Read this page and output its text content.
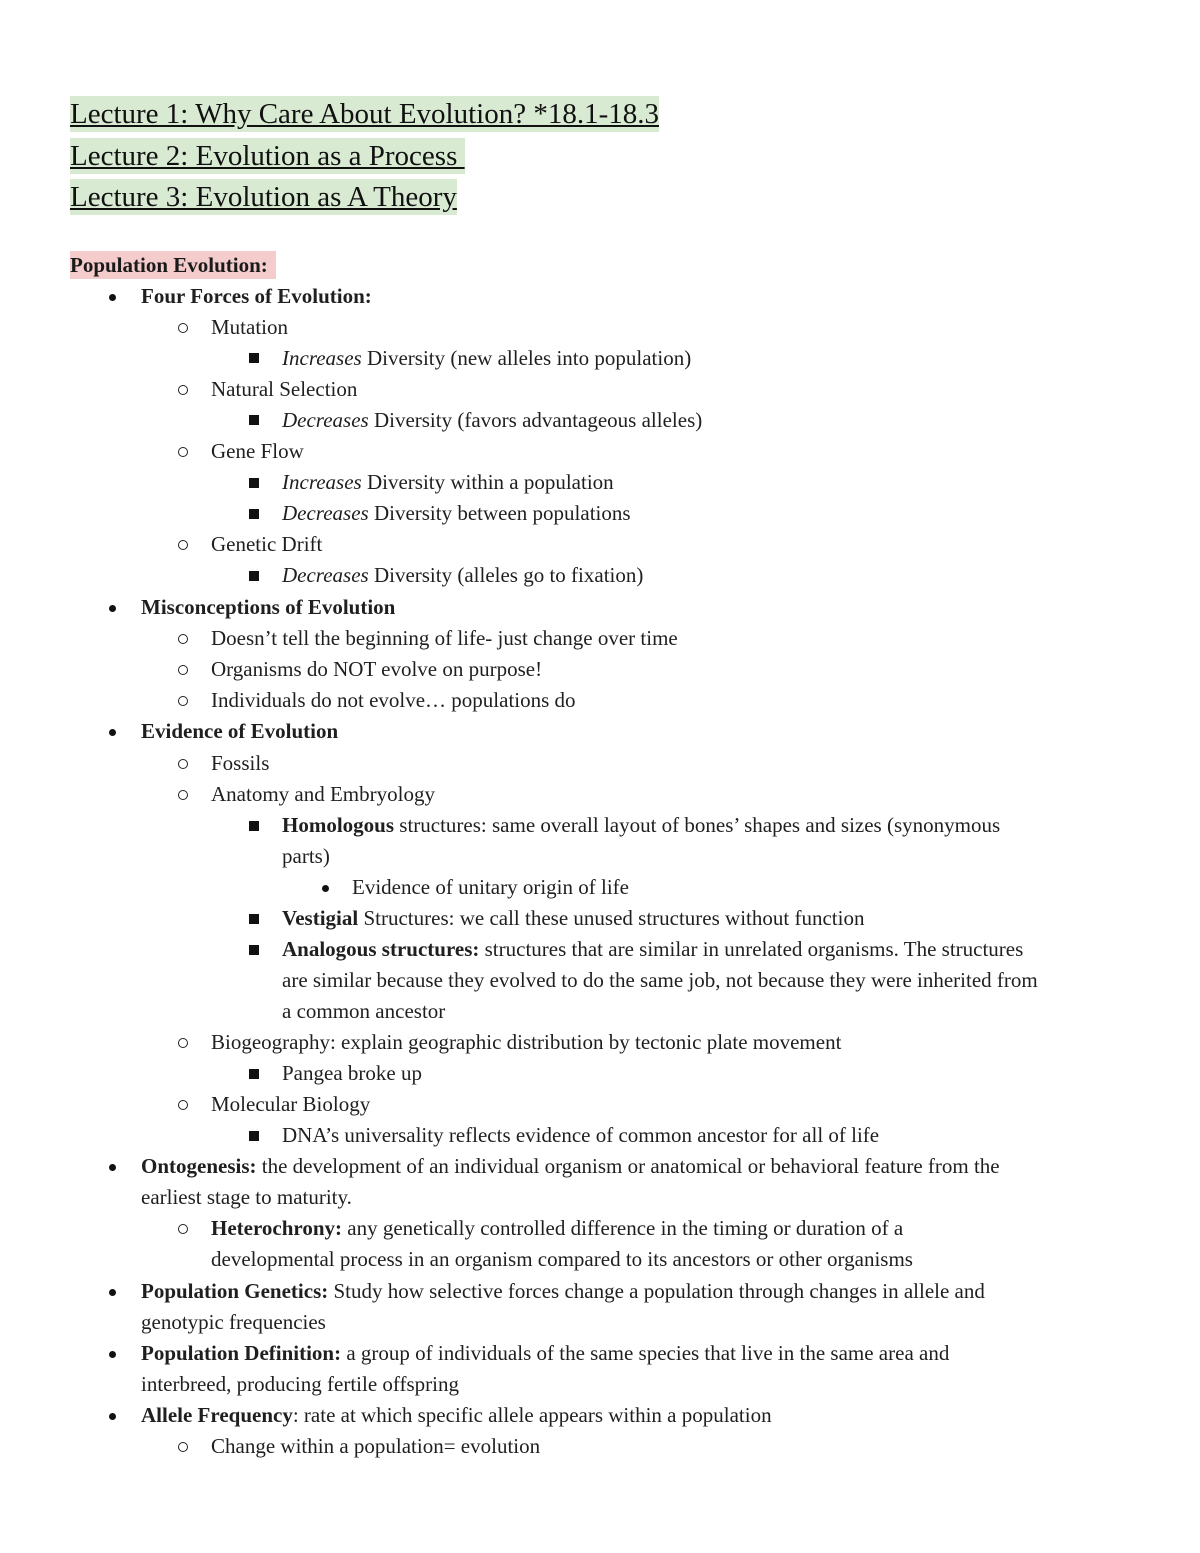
Lecture 1: Why Care About Evolution? *18.1-18.3
Lecture 2: Evolution as a Process
Lecture 3: Evolution as A Theory
Population Evolution:
Four Forces of Evolution:
Mutation
Increases Diversity (new alleles into population)
Natural Selection
Decreases Diversity (favors advantageous alleles)
Gene Flow
Increases Diversity within a population
Decreases Diversity between populations
Genetic Drift
Decreases Diversity (alleles go to fixation)
Misconceptions of Evolution
Doesn’t tell the beginning of life- just change over time
Organisms do NOT evolve on purpose!
Individuals do not evolve… populations do
Evidence of Evolution
Fossils
Anatomy and Embryology
Homologous structures: same overall layout of bones’ shapes and sizes (synonymous
parts)
Evidence of unitary origin of life
Vestigial Structures: we call these unused structures without function
Analogous structures: structures that are similar in unrelated organisms. The structures
are similar because they evolved to do the same job, not because they were inherited from
a common ancestor
Biogeography: explain geographic distribution by tectonic plate movement
Pangea broke up
Molecular Biology
DNA’s universality reflects evidence of common ancestor for all of life
Ontogenesis: the development of an individual organism or anatomical or behavioral feature from the
earliest stage to maturity.
Heterochrony: any genetically controlled difference in the timing or duration of a
developmental process in an organism compared to its ancestors or other organisms
Population Genetics: Study how selective forces change a population through changes in allele and
genotypic frequencies
Population Definition: a group of individuals of the same species that live in the same area and
interbreed, producing fertile offspring
Allele Frequency: rate at which specific allele appears within a population
Change within a population= evolution
